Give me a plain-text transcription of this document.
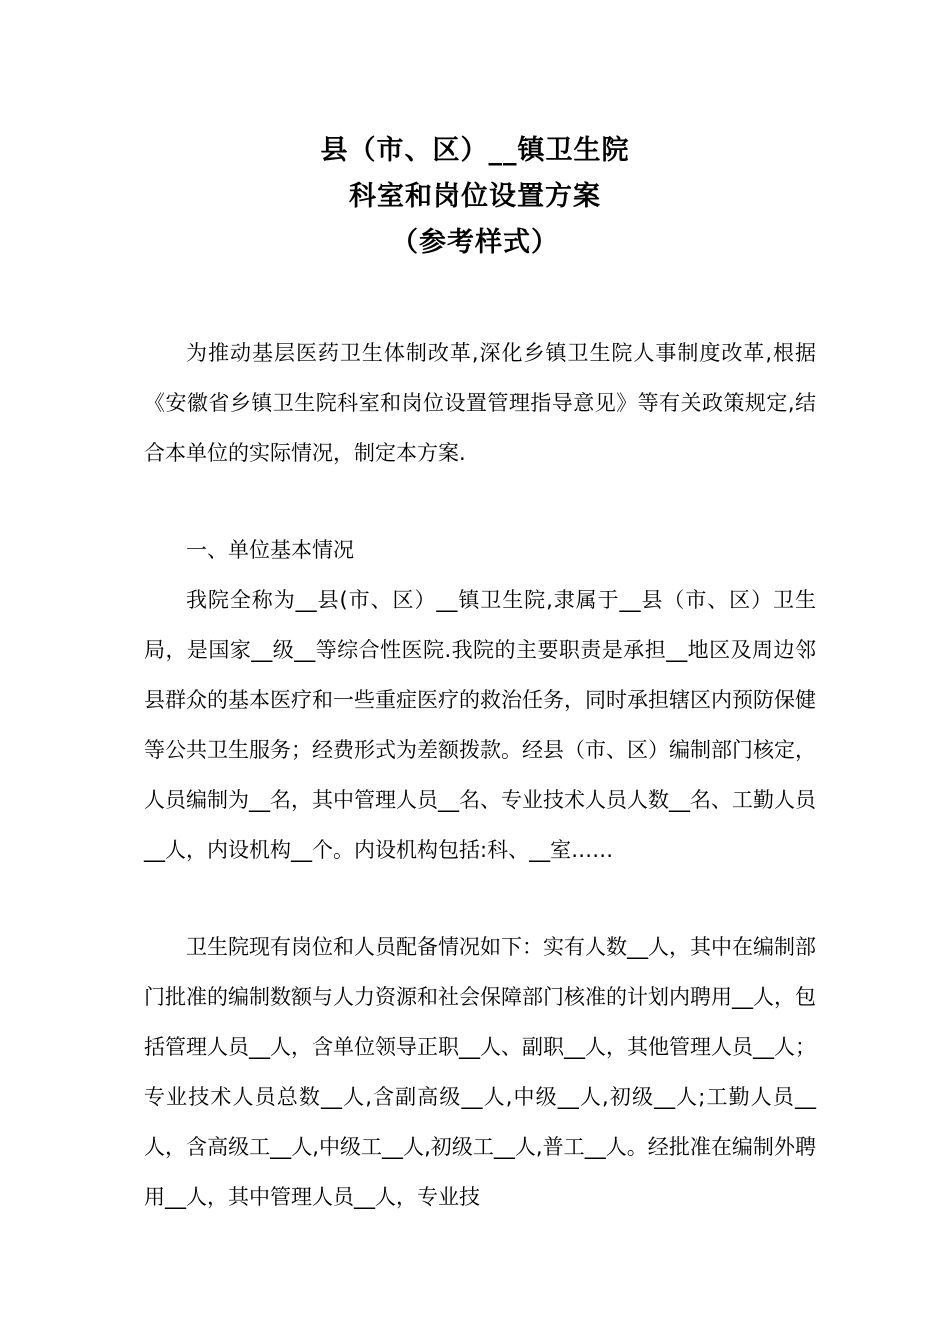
县（市、区）__镇卫生院
科室和岗位设置方案
（参考样式）

为推动基层医药卫生体制改革,深化乡镇卫生院人事制度改革,根据《安徽省乡镇卫生院科室和岗位设置管理指导意见》等有关政策规定,结合本单位的实际情况，制定本方案.

一、单位基本情况

我院全称为__县(市、区）__镇卫生院,隶属于__县（市、区）卫生局，是国家__级__等综合性医院.我院的主要职责是承担__地区及周边邻县群众的基本医疗和一些重症医疗的救治任务，同时承担辖区内预防保健等公共卫生服务；经费形式为差额拨款。经县（市、区）编制部门核定，人员编制为__名，其中管理人员__名、专业技术人员人数__名、工勤人员__人，内设机构__个。内设机构包括:科、__室……

卫生院现有岗位和人员配备情况如下：实有人数__人，其中在编制部门批准的编制数额与人力资源和社会保障部门核准的计划内聘用__人，包括管理人员__人，含单位领导正职__人、副职__人，其他管理人员__人；专业技术人员总数__人,含副高级__人,中级__人,初级__人;工勤人员__人，含高级工__人,中级工__人,初级工__人,普工__人。经批准在编制外聘用__人，其中管理人员__人，专业技
